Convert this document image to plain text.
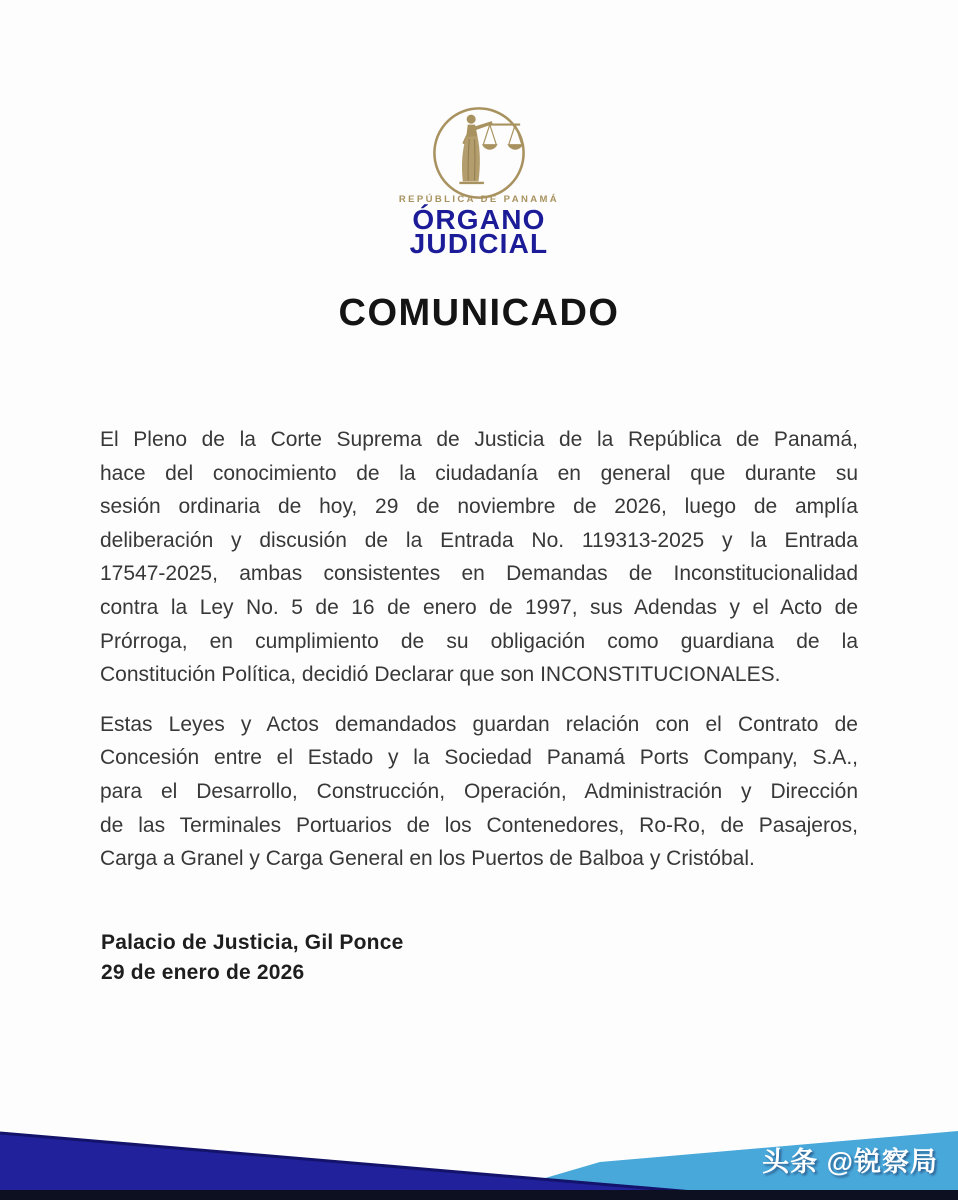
REPÚBLICA DE PANAMÁ
ÓRGANO
JUDICIAL
COMUNICADO
El Pleno de la Corte Suprema de Justicia de la República de Panamá,
hace del conocimiento de la ciudadanía en general que durante su
sesión ordinaria de hoy, 29 de noviembre de 2026, luego de amplía
deliberación y discusión de la Entrada No. 119313-2025 y la Entrada
17547-2025, ambas consistentes en Demandas de Inconstitucionalidad
contra la Ley No. 5 de 16 de enero de 1997, sus Adendas y el Acto de
Prórroga, en cumplimiento de su obligación como guardiana de la
Constitución Política, decidió Declarar que son INCONSTITUCIONALES.
Estas Leyes y Actos demandados guardan relación con el Contrato de
Concesión entre el Estado y la Sociedad Panamá Ports Company, S.A.,
para el Desarrollo, Construcción, Operación, Administración y Dirección
de las Terminales Portuarios de los Contenedores, Ro-Ro, de Pasajeros,
Carga a Granel y Carga General en los Puertos de Balboa y Cristóbal.
Palacio de Justicia, Gil Ponce
29 de enero de 2026
头条 @锐察局
